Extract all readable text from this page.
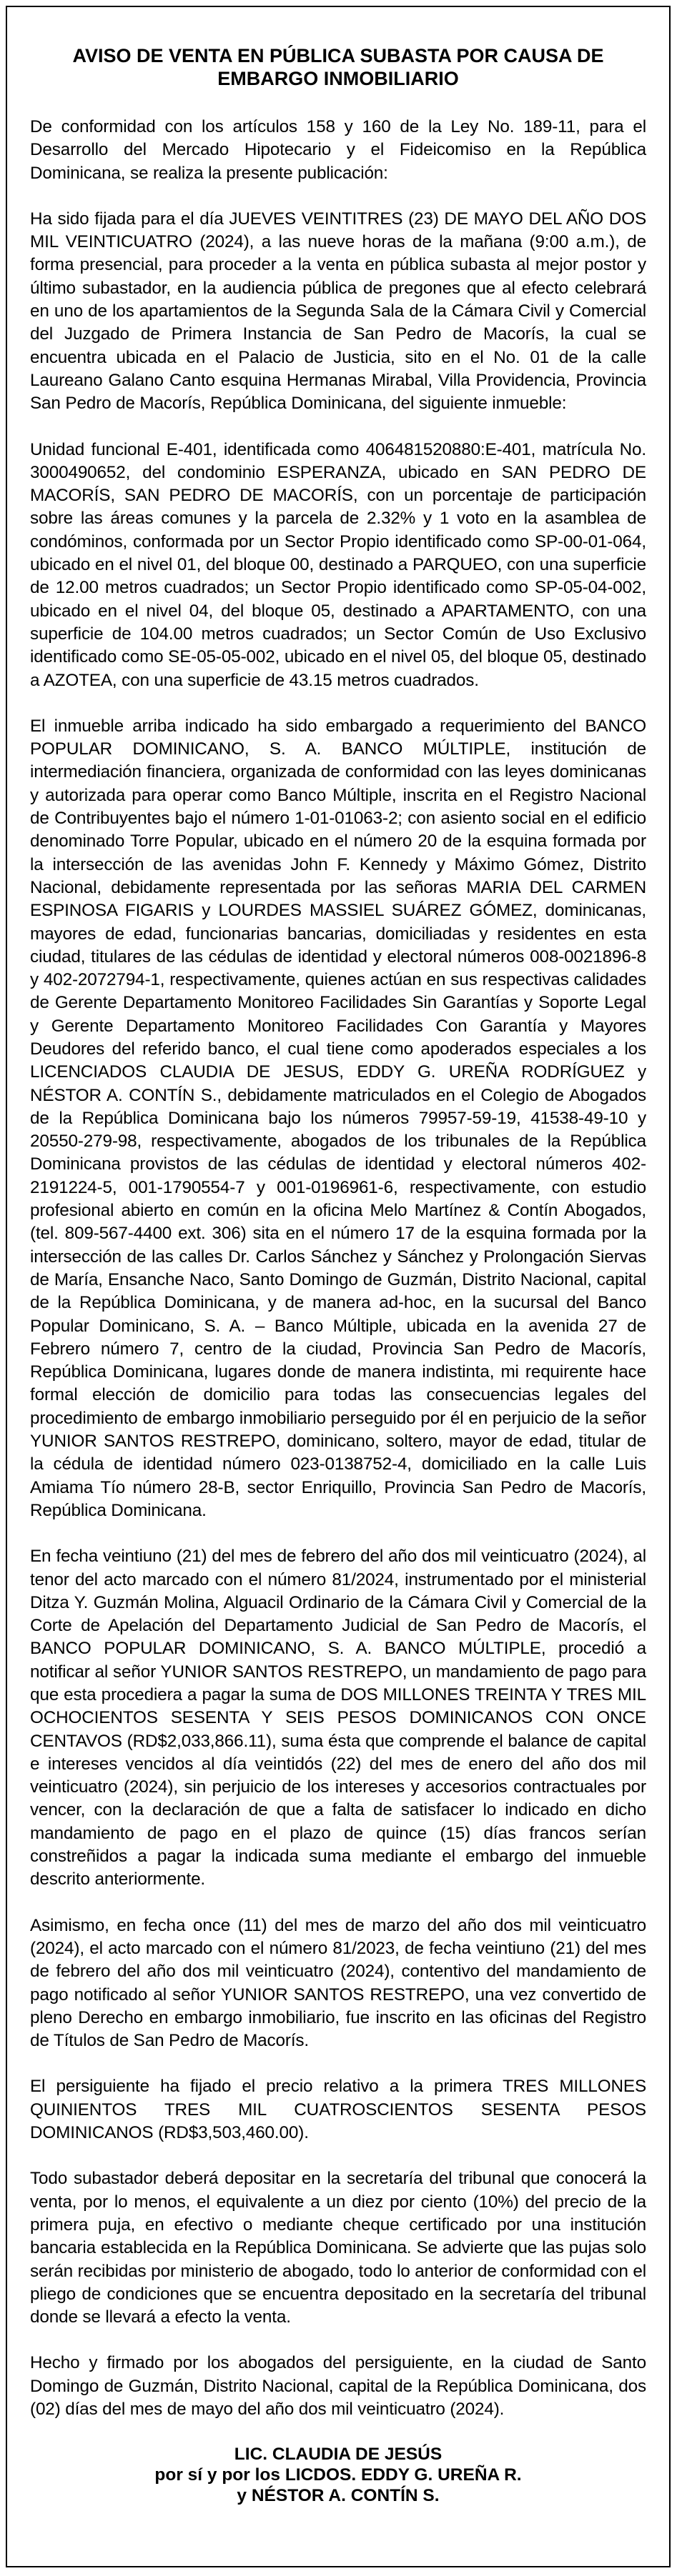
AVISO DE VENTA EN PÚBLICA SUBASTA POR CAUSA DE EMBARGO INMOBILIARIO

De conformidad con los artículos 158 y 160 de la Ley No. 189-11, para el Desarrollo del Mercado Hipotecario y el Fideicomiso en la República Dominicana, se realiza la presente publicación:

Ha sido fijada para el día JUEVES VEINTITRES (23) DE MAYO DEL AÑO DOS MIL VEINTICUATRO (2024), a las nueve horas de la mañana (9:00 a.m.), de forma presencial, para proceder a la venta en pública subasta al mejor postor y último subastador, en la audiencia pública de pregones que al efecto celebrará en uno de los apartamientos de la Segunda Sala de la Cámara Civil y Comercial del Juzgado de Primera Instancia de San Pedro de Macorís, la cual se encuentra ubicada en el Palacio de Justicia, sito en el No. 01 de la calle Laureano Galano Canto esquina Hermanas Mirabal, Villa Providencia, Provincia San Pedro de Macorís, República Dominicana, del siguiente inmueble:

Unidad funcional E-401, identificada como 406481520880:E-401, matrícula No. 3000490652, del condominio ESPERANZA, ubicado en SAN PEDRO DE MACORÍS, SAN PEDRO DE MACORÍS, con un porcentaje de participación sobre las áreas comunes y la parcela de 2.32% y 1 voto en la asamblea de condóminos, conformada por un Sector Propio identificado como SP-00-01-064, ubicado en el nivel 01, del bloque 00, destinado a PARQUEO, con una superficie de 12.00 metros cuadrados; un Sector Propio identificado como SP-05-04-002, ubicado en el nivel 04, del bloque 05, destinado a APARTAMENTO, con una superficie de 104.00 metros cuadrados; un Sector Común de Uso Exclusivo identificado como SE-05-05-002, ubicado en el nivel 05, del bloque 05, destinado a AZOTEA, con una superficie de 43.15 metros cuadrados.

El inmueble arriba indicado ha sido embargado a requerimiento del BANCO POPULAR DOMINICANO, S. A. BANCO MÚLTIPLE, institución de intermediación financiera, organizada de conformidad con las leyes dominicanas y autorizada para operar como Banco Múltiple, inscrita en el Registro Nacional de Contribuyentes bajo el número 1-01-01063-2; con asiento social en el edificio denominado Torre Popular, ubicado en el número 20 de la esquina formada por la intersección de las avenidas John F. Kennedy y Máximo Gómez, Distrito Nacional, debidamente representada por las señoras MARIA DEL CARMEN ESPINOSA FIGARIS y LOURDES MASSIEL SUÁREZ GÓMEZ, dominicanas, mayores de edad, funcionarias bancarias, domiciliadas y residentes en esta ciudad, titulares de las cédulas de identidad y electoral números 008-0021896-8 y 402-2072794-1, respectivamente, quienes actúan en sus respectivas calidades de Gerente Departamento Monitoreo Facilidades Sin Garantías y Soporte Legal y Gerente Departamento Monitoreo Facilidades Con Garantía y Mayores Deudores del referido banco, el cual tiene como apoderados especiales a los LICENCIADOS CLAUDIA DE JESUS, EDDY G. UREÑA RODRÍGUEZ y NÉSTOR A. CONTÍN S., debidamente matriculados en el Colegio de Abogados de la República Dominicana bajo los números 79957-59-19, 41538-49-10 y 20550-279-98, respectivamente, abogados de los tribunales de la República Dominicana provistos de las cédulas de identidad y electoral números 402-2191224-5, 001-1790554-7 y 001-0196961-6, respectivamente, con estudio profesional abierto en común en la oficina Melo Martínez & Contín Abogados, (tel. 809-567-4400 ext. 306) sita en el número 17 de la esquina formada por la intersección de las calles Dr. Carlos Sánchez y Sánchez y Prolongación Siervas de María, Ensanche Naco, Santo Domingo de Guzmán, Distrito Nacional, capital de la República Dominicana, y de manera ad-hoc, en la sucursal del Banco Popular Dominicano, S. A. – Banco Múltiple, ubicada en la avenida 27 de Febrero número 7, centro de la ciudad, Provincia San Pedro de Macorís, República Dominicana, lugares donde de manera indistinta, mi requirente hace formal elección de domicilio para todas las consecuencias legales del procedimiento de embargo inmobiliario perseguido por él en perjuicio de la señor YUNIOR SANTOS RESTREPO, dominicano, soltero, mayor de edad, titular de la cédula de identidad número 023-0138752-4, domiciliado en la calle Luis Amiama Tío número 28-B, sector Enriquillo, Provincia San Pedro de Macorís, República Dominicana.

En fecha veintiuno (21) del mes de febrero del año dos mil veinticuatro (2024), al tenor del acto marcado con el número 81/2024, instrumentado por el ministerial Ditza Y. Guzmán Molina, Alguacil Ordinario de la Cámara Civil y Comercial de la Corte de Apelación del Departamento Judicial de San Pedro de Macorís, el BANCO POPULAR DOMINICANO, S. A. BANCO MÚLTIPLE, procedió a notificar al señor YUNIOR SANTOS RESTREPO, un mandamiento de pago para que esta procediera a pagar la suma de DOS MILLONES TREINTA Y TRES MIL OCHOCIENTOS SESENTA Y SEIS PESOS DOMINICANOS CON ONCE CENTAVOS (RD$2,033,866.11), suma ésta que comprende el balance de capital e intereses vencidos al día veintidós (22) del mes de enero del año dos mil veinticuatro (2024), sin perjuicio de los intereses y accesorios contractuales por vencer, con la declaración de que a falta de satisfacer lo indicado en dicho mandamiento de pago en el plazo de quince (15) días francos serían constreñidos a pagar la indicada suma mediante el embargo del inmueble descrito anteriormente.

Asimismo, en fecha once (11) del mes de marzo del año dos mil veinticuatro (2024), el acto marcado con el número 81/2023, de fecha veintiuno (21) del mes de febrero del año dos mil veinticuatro (2024), contentivo del mandamiento de pago notificado al señor YUNIOR SANTOS RESTREPO, una vez convertido de pleno Derecho en embargo inmobiliario, fue inscrito en las oficinas del Registro de Títulos de San Pedro de Macorís.

El persiguiente ha fijado el precio relativo a la primera TRES MILLONES QUINIENTOS TRES MIL CUATROSCIENTOS SESENTA PESOS DOMINICANOS (RD$3,503,460.00).

Todo subastador deberá depositar en la secretaría del tribunal que conocerá la venta, por lo menos, el equivalente a un diez por ciento (10%) del precio de la primera puja, en efectivo o mediante cheque certificado por una institución bancaria establecida en la República Dominicana. Se advierte que las pujas solo serán recibidas por ministerio de abogado, todo lo anterior de conformidad con el pliego de condiciones que se encuentra depositado en la secretaría del tribunal donde se llevará a efecto la venta.

Hecho y firmado por los abogados del persiguiente, en la ciudad de Santo Domingo de Guzmán, Distrito Nacional, capital de la República Dominicana, dos (02) días del mes de mayo del año dos mil veinticuatro (2024).

LIC. CLAUDIA DE JESÚS
por sí y por los LICDOS. EDDY G. UREÑA R.
y NÉSTOR A. CONTÍN S.
